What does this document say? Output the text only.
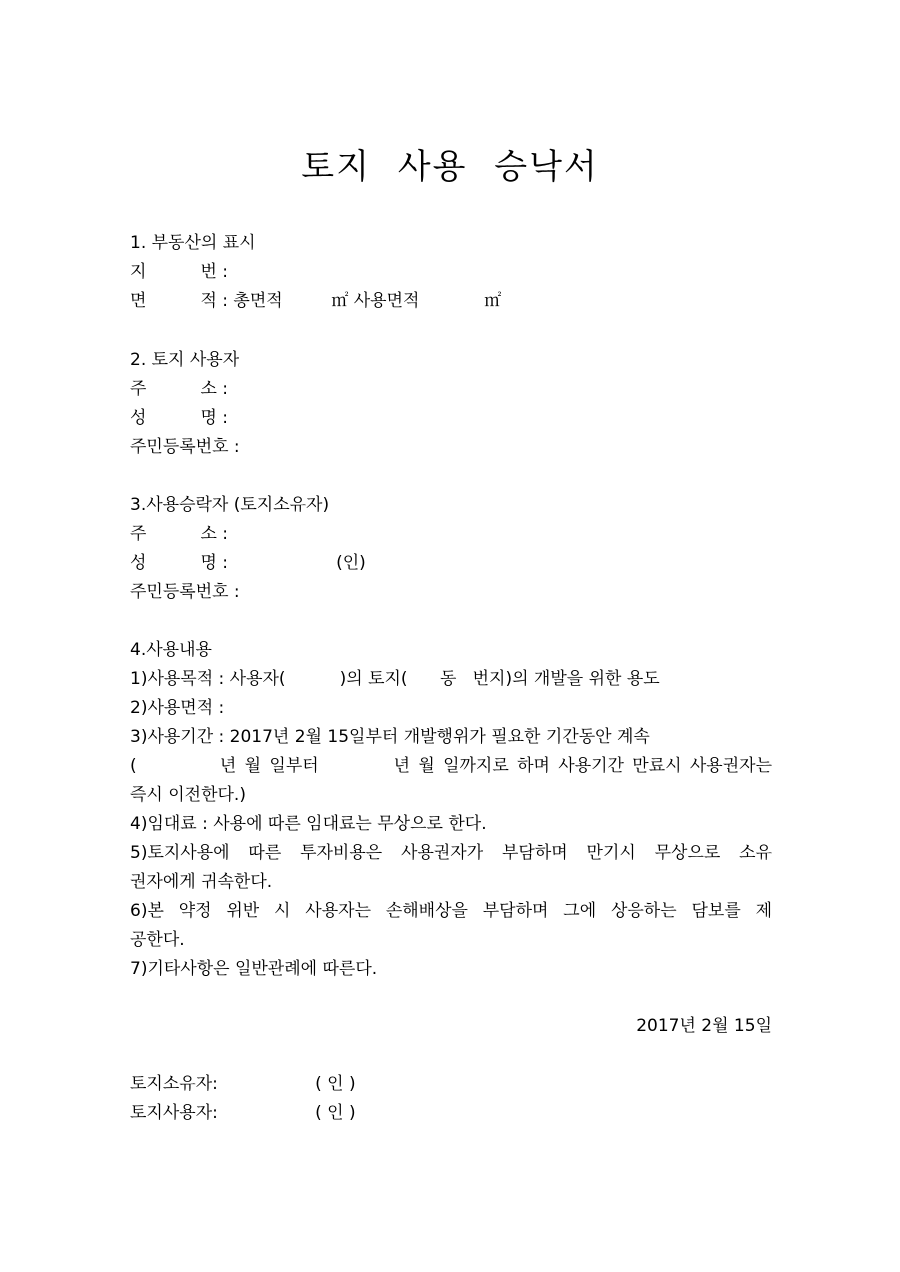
토지 사용 승낙서
1. 부동산의 표시
지          번 :
면          적 : 총면적         ㎡ 사용면적            ㎡
2. 토지 사용자
주          소 :
성          명 :
주민등록번호 :
3.사용승락자 (토지소유자)
주          소 :
성          명 :                    (인)
주민등록번호 :
4.사용내용
1)사용목적 : 사용자(          )의 토지(      동   번지)의 개발을 위한 용도
2)사용면적 :
3)사용기간 : 2017년 2월 15일부터 개발행위가 필요한 기간동안 계속
(          년 월 일부터         년 월 일까지로 하며 사용기간 만료시 사용권자는
즉시 이전한다.)
4)임대료 : 사용에 따른 임대료는 무상으로 한다.
5)토지사용에 따른 투자비용은 사용권자가 부담하며 만기시 무상으로 소유
권자에게 귀속한다.
6)본 약정 위반 시 사용자는 손해배상을 부담하며 그에 상응하는 담보를 제
공한다.
7)기타사항은 일반관례에 따른다.
2017년 2월 15일
토지소유자:                  ( 인 )
토지사용자:                  ( 인 )
